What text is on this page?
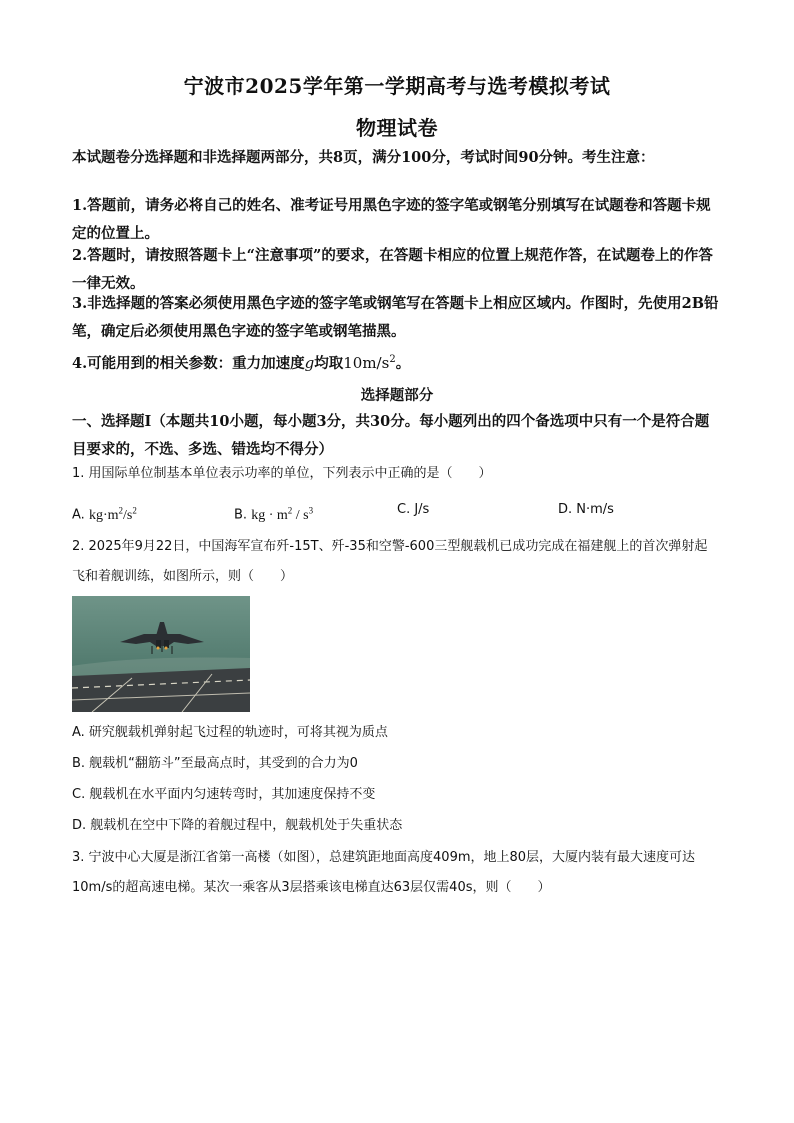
宁波市2025学年第一学期高考与选考模拟考试
物理试卷
本试题卷分选择题和非选择题两部分，共8页，满分100分，考试时间90分钟。考生注意：
1.答题前，请务必将自己的姓名、准考证号用黑色字迹的签字笔或钢笔分别填写在试题卷和答题卡规定的位置上。
2.答题时，请按照答题卡上“注意事项”的要求，在答题卡相应的位置上规范作答，在试题卷上的作答一律无效。
3.非选择题的答案必须使用黑色字迹的签字笔或钢笔写在答题卡上相应区域内。作图时，先使用2B铅笔，确定后必须使用黑色字迹的签字笔或钢笔描黑。
4.可能用到的相关参数：重力加速度g均取$10m/s^2$。
选择题部分
一、选择题Ⅰ（本题共10小题，每小题3分，共30分。每小题列出的四个备选项中只有一个是符合题目要求的，不选、多选、错选均不得分）
1. 用国际单位制基本单位表示功率的单位，下列表示中正确的是（　　）
A. $kg\cdot m^2/s^2$	B. kg · $m^2 / s^3$	C. J/s	D. N·m/s
2. 2025年9月22日，中国海军宣布歼-15T、歼-35和空警-600三型舰载机已成功完成在福建舰上的首次弹射起飞和着舰训练，如图所示，则（　　）
A. 研究舰载机弹射起飞过程的轨迹时，可将其视为质点
B. 舰载机“翻筋斗”至最高点时，其受到的合力为0
C. 舰载机在水平面内匀速转弯时，其加速度保持不变
D. 舰载机在空中下降的着舰过程中，舰载机处于失重状态
3. 宁波中心大厦是浙江省第一高楼（如图），总建筑距地面高度409m，地上80层，大厦内装有最大速度可达10m/s的超高速电梯。某次一乘客从3层搭乘该电梯直达63层仅需40s，则（　　）
